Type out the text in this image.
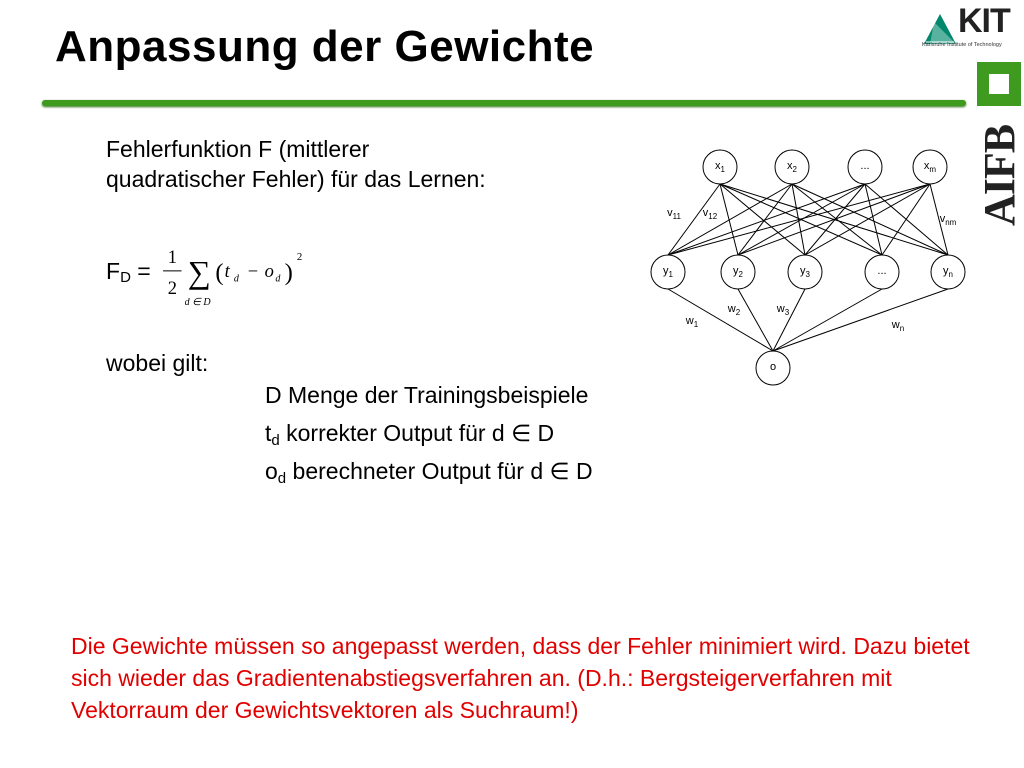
Anpassung der Gewichte
KIT
Karlsruhe Institute of Technology
AIFB
Fehlerfunktion F (mittlerer
quadratischer Fehler) für das Lernen:
$F_D$ =
1
2 ∑
d ∈ D
( t d − o d )
2
wobei gilt:
D Menge der Trainingsbeispiele
$t_d$ korrekter Output für d ∈ D
$o_d$ berechneter Output für d ∈ D
$x_1$	$x_2$	...	$x_m$
$y_1$	$y_2$	$y_3$	...	$y_n$
o
$v_{11}$ $v_{12}$	$v_{nm}$
$w_1$
$w_2$	$w_3$
$w_n$

Die Gewichte müssen so angepasst werden, dass der Fehler minimiert wird. Dazu bietet sich wieder das Gradientenabstiegsverfahren an. (D.h.: Bergsteigerverfahren mit Vektorraum der Gewichtsvektoren als Suchraum!)
